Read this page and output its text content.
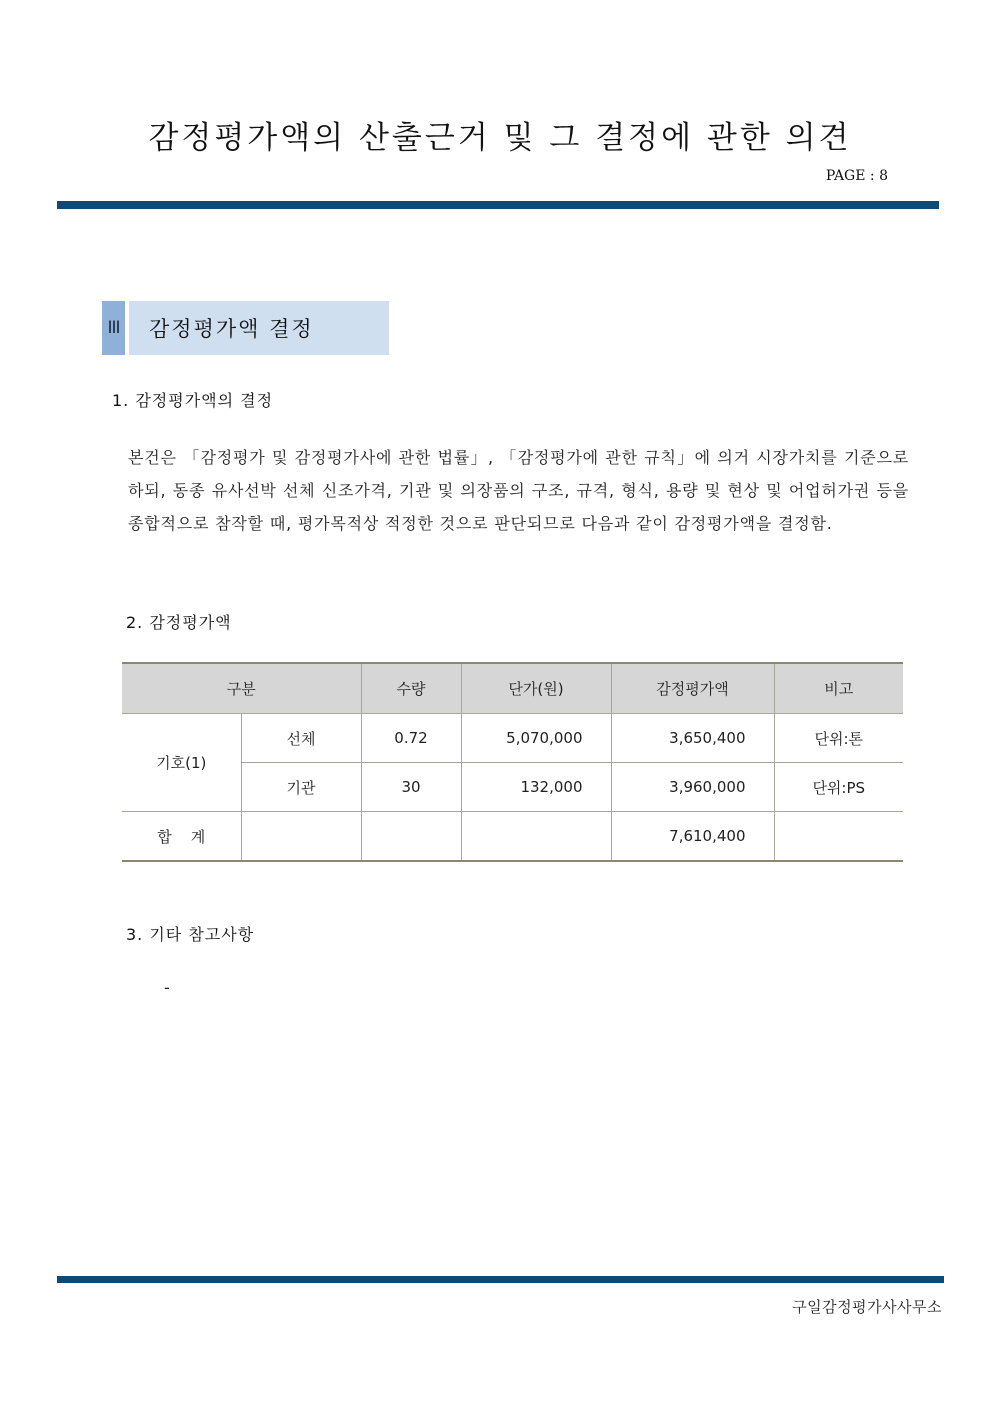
감정평가액의 산출근거 및 그 결정에 관한 의견
PAGE : 8
III	감정평가액 결정
1. 감정평가액의 결정
본건은 「감정평가 및 감정평가사에 관한 법률」, 「감정평가에 관한 규칙」에 의거 시장가치를 기준으로 하되, 동종 유사선박 선체 신조가격, 기관 및 의장품의 구조, 규격, 형식, 용량 및 현상 및 어업허가권 등을 종합적으로 참작할 때, 평가목적상 적정한 것으로 판단되므로 다음과 같이 감정평가액을 결정함.
2. 감정평가액
구분		수량	단가(원)	감정평가액	비고
기호(1)	선체	0.72	5,070,000	3,650,400	단위:톤
	기관	30	132,000	3,960,000	단위:PS
합    계				7,610,400	
3. 기타 참고사항
-
구일감정평가사사무소
